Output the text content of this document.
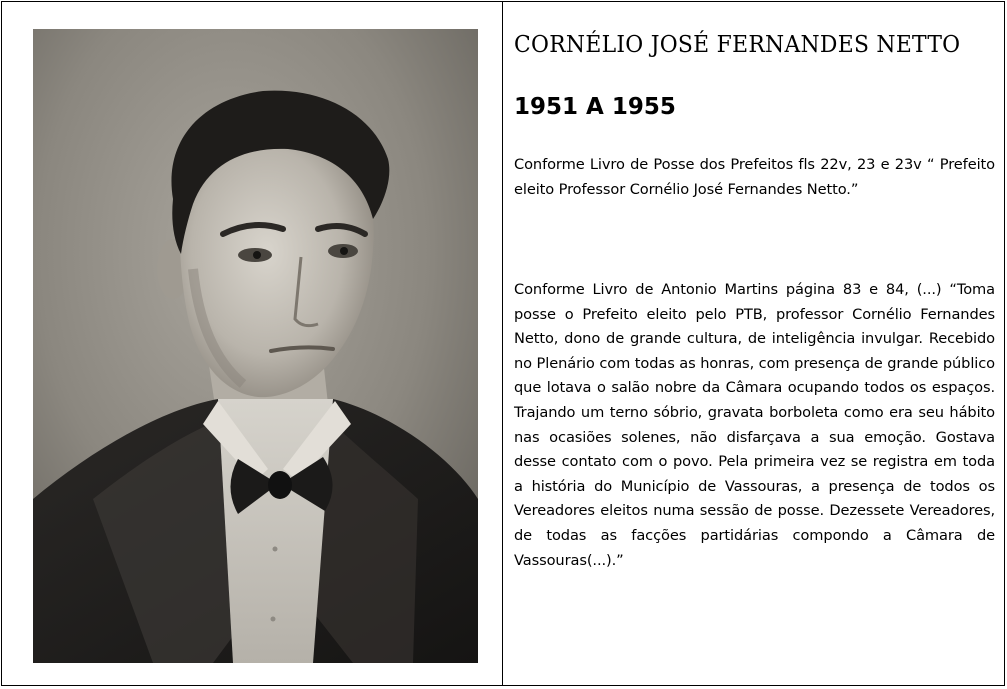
CORNÉLIO JOSÉ FERNANDES NETTO
1951 A 1955

Conforme Livro de Posse dos Prefeitos fls 22v, 23 e 23v “ Prefeito eleito Professor Cornélio José Fernandes Netto.”

Conforme Livro de Antonio Martins página 83 e 84, (...) “Toma posse o Prefeito eleito pelo PTB, professor Cornélio Fernandes Netto, dono de grande cultura, de inteligência invulgar. Recebido no Plenário com todas as honras, com presença de grande público que lotava o salão nobre da Câmara ocupando todos os espaços. Trajando um terno sóbrio, gravata borboleta como era seu hábito nas ocasiões solenes, não disfarçava a sua emoção. Gostava desse contato com o povo. Pela primeira vez se registra em toda a história do Município de Vassouras, a presença de todos os Vereadores eleitos numa sessão de posse. Dezessete Vereadores, de todas as facções partidárias compondo a Câmara de Vassouras(...).”
